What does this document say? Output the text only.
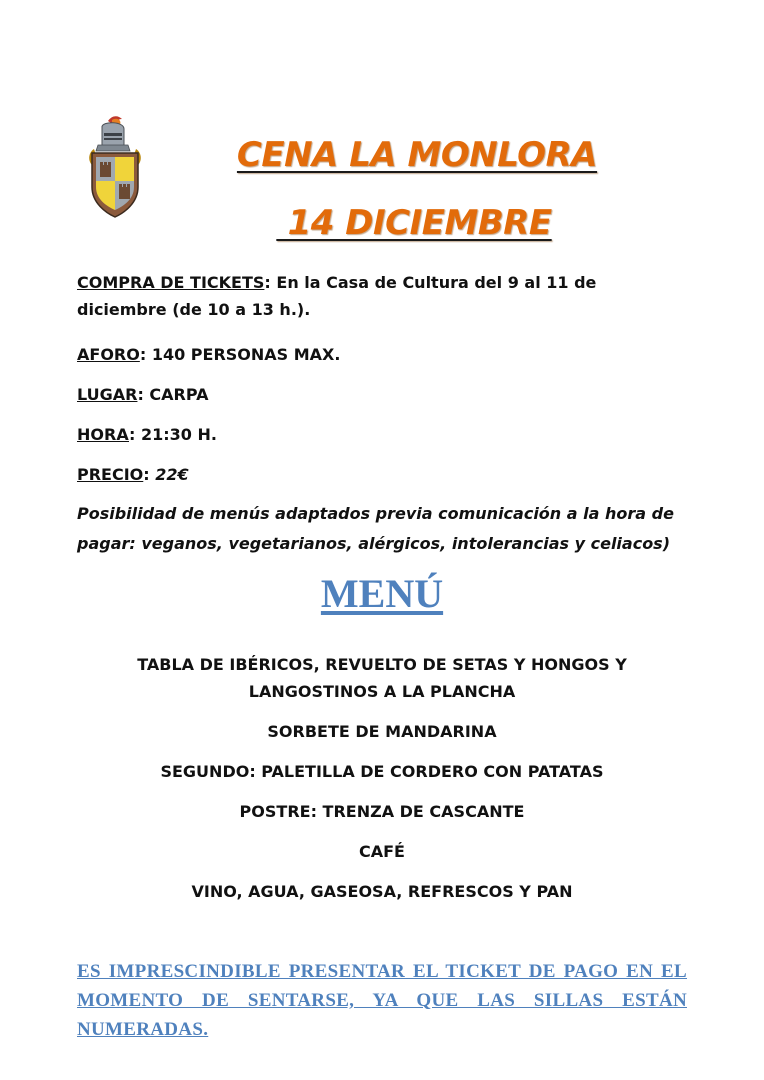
CENA LA MONLORA
14 DICIEMBRE
COMPRA DE TICKETS: En la Casa de Cultura del 9 al 11 de diciembre (de 10 a 13 h.).
AFORO: 140 PERSONAS MAX.
LUGAR: CARPA
HORA: 21:30 H.
PRECIO: 22€
Posibilidad de menús adaptados previa comunicación a la hora de pagar: veganos, vegetarianos, alérgicos, intolerancias y celiacos)
MENÚ
TABLA DE IBÉRICOS, REVUELTO DE SETAS Y HONGOS Y
LANGOSTINOS A LA PLANCHA
SORBETE DE MANDARINA
SEGUNDO: PALETILLA DE CORDERO CON PATATAS
POSTRE: TRENZA DE CASCANTE
CAFÉ
VINO, AGUA, GASEOSA, REFRESCOS Y PAN
ES IMPRESCINDIBLE PRESENTAR EL TICKET DE PAGO EN EL MOMENTO DE SENTARSE, YA QUE LAS SILLAS ESTÁN NUMERADAS.
